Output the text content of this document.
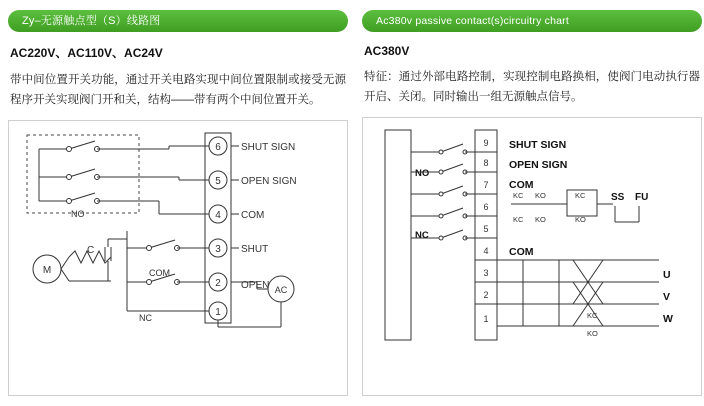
Zy–无源触点型（S）线路图
AC220V、AC110V、AC24V
带中间位置开关功能，通过开关电路实现中间位置限制或接受无源程序开关实现阀门开和关，结构——带有两个中间位置开关。
6
5
4
3
2
1
SHUT SIGN
OPEN SIGN
COM
SHUT
OPEN
NO
M
C
COM
NC
AC
Ac380v passive contact(s)circuitry chart
AC380V
特征：通过外部电路控制，实现控制电路换相，使阀门电动执行器开启、关闭。同时输出一组无源触点信号。
9
8
7
6
5
4
3
2
1
SHUT SIGN
OPEN SIGN
COM
COM
U
V
W
NO
NC
KC KO	KC
KC KO	KO
SS FU
KC
KO
